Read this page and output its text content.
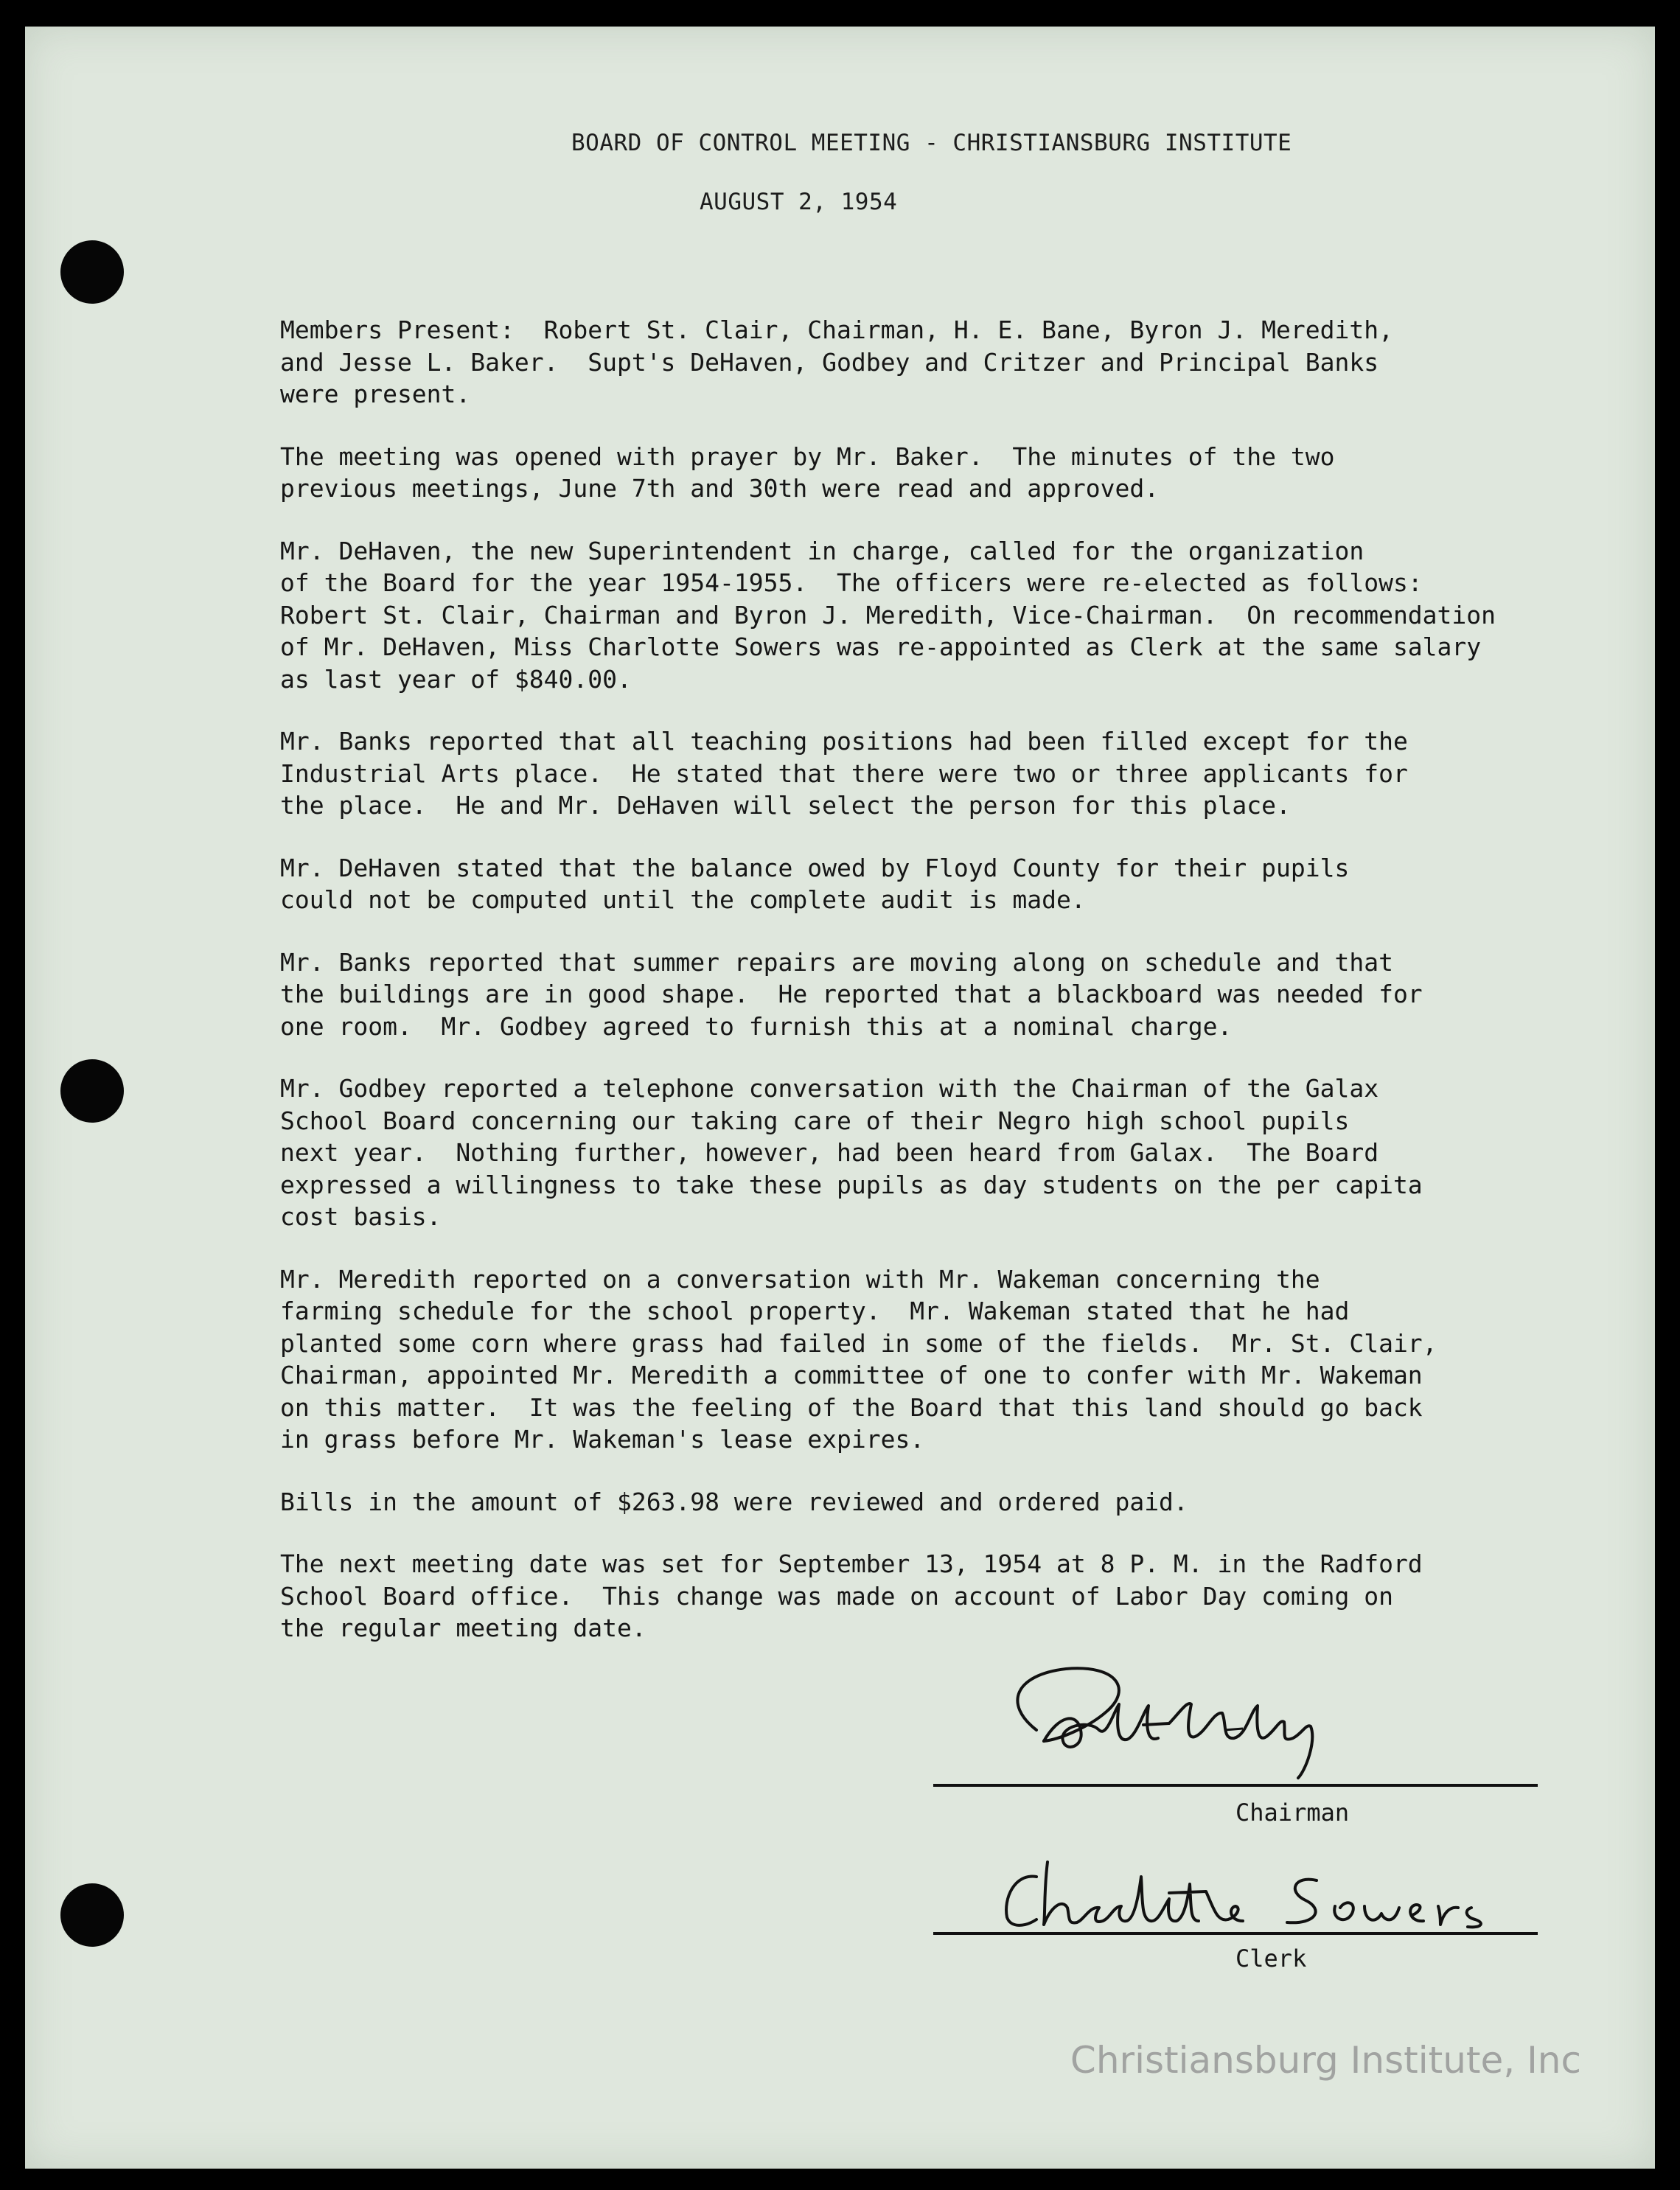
BOARD OF CONTROL MEETING - CHRISTIANSBURG INSTITUTE
AUGUST 2, 1954

Members Present:  Robert St. Clair, Chairman, H. E. Bane, Byron J. Meredith,
and Jesse L. Baker.  Supt's DeHaven, Godbey and Critzer and Principal Banks
were present.

The meeting was opened with prayer by Mr. Baker.  The minutes of the two
previous meetings, June 7th and 30th were read and approved.

Mr. DeHaven, the new Superintendent in charge, called for the organization
of the Board for the year 1954-1955.  The officers were re-elected as follows:
Robert St. Clair, Chairman and Byron J. Meredith, Vice-Chairman.  On recommendation
of Mr. DeHaven, Miss Charlotte Sowers was re-appointed as Clerk at the same salary
as last year of $840.00.

Mr. Banks reported that all teaching positions had been filled except for the
Industrial Arts place.  He stated that there were two or three applicants for
the place.  He and Mr. DeHaven will select the person for this place.

Mr. DeHaven stated that the balance owed by Floyd County for their pupils
could not be computed until the complete audit is made.

Mr. Banks reported that summer repairs are moving along on schedule and that
the buildings are in good shape.  He reported that a blackboard was needed for
one room.  Mr. Godbey agreed to furnish this at a nominal charge.

Mr. Godbey reported a telephone conversation with the Chairman of the Galax
School Board concerning our taking care of their Negro high school pupils
next year.  Nothing further, however, had been heard from Galax.  The Board
expressed a willingness to take these pupils as day students on the per capita
cost basis.

Mr. Meredith reported on a conversation with Mr. Wakeman concerning the
farming schedule for the school property.  Mr. Wakeman stated that he had
planted some corn where grass had failed in some of the fields.  Mr. St. Clair,
Chairman, appointed Mr. Meredith a committee of one to confer with Mr. Wakeman
on this matter.  It was the feeling of the Board that this land should go back
in grass before Mr. Wakeman's lease expires.

Bills in the amount of $263.98 were reviewed and ordered paid.

The next meeting date was set for September 13, 1954 at 8 P. M. in the Radford
School Board office.  This change was made on account of Labor Day coming on
the regular meeting date.

Chairman
Clerk
Christiansburg Institute, Inc
